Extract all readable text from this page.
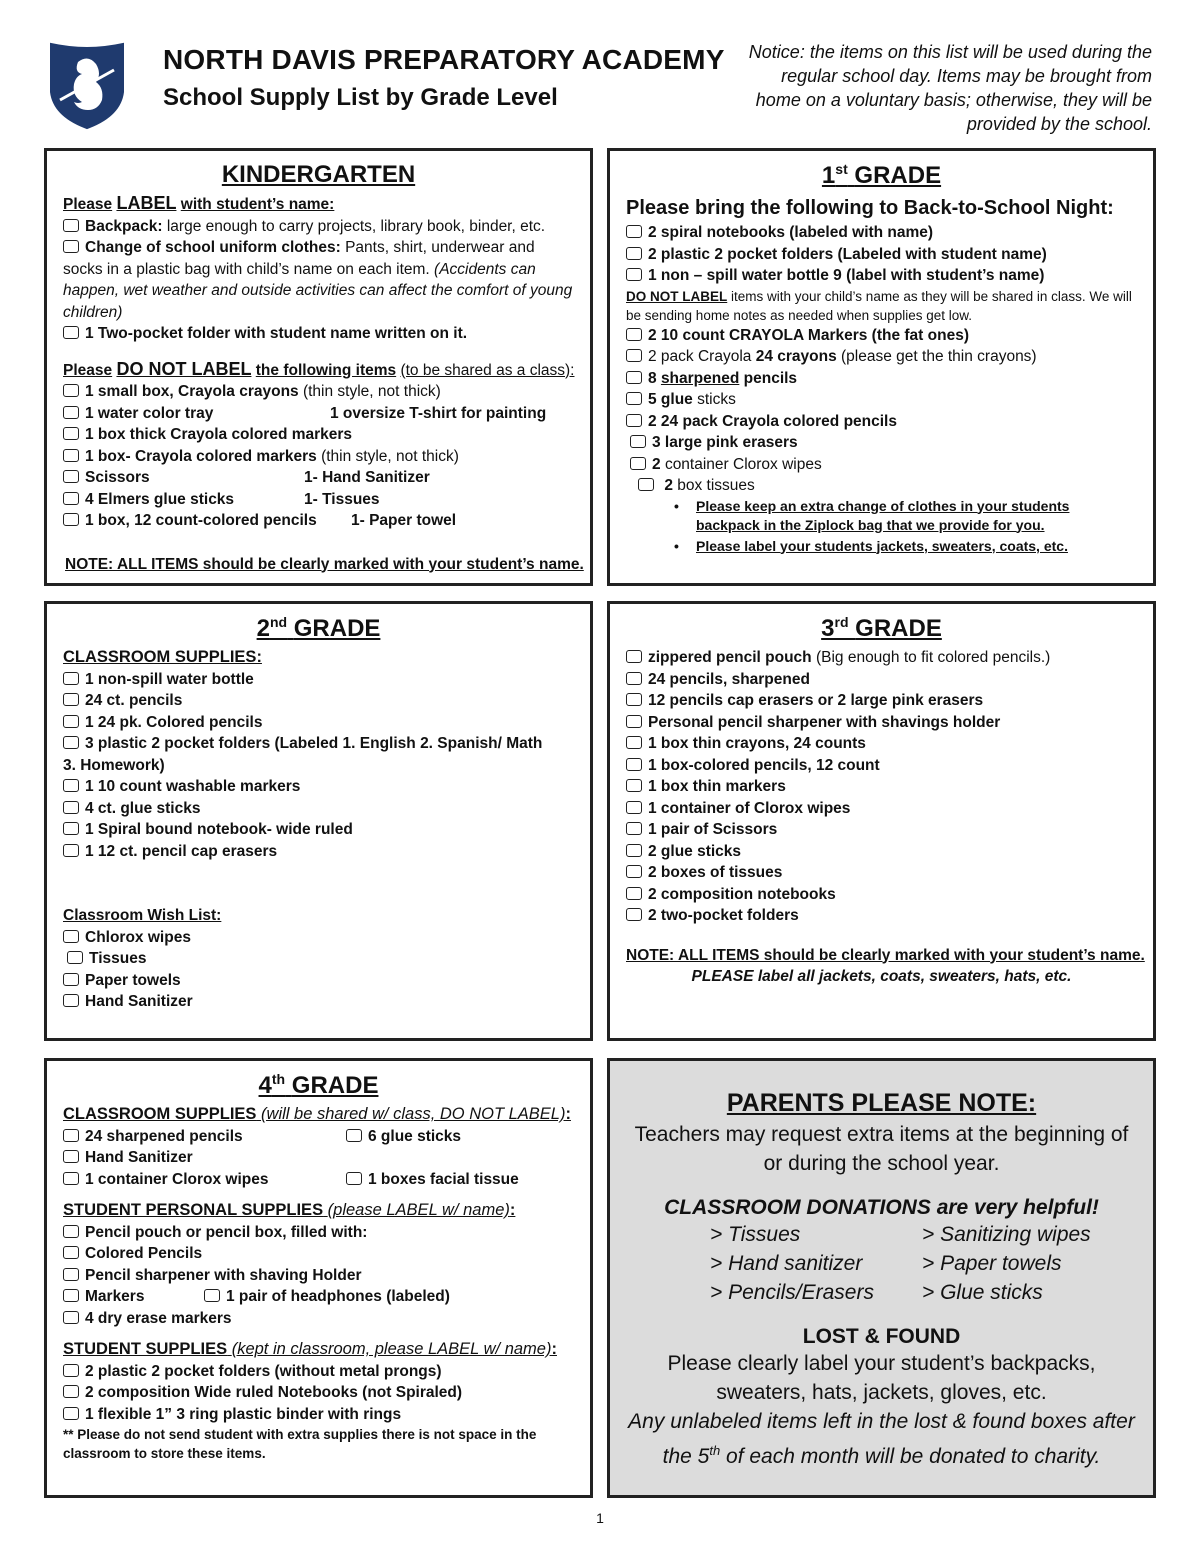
NORTH DAVIS PREPARATORY ACADEMY
School Supply List by Grade Level
Notice: the items on this list will be used during the regular school day. Items may be brought from home on a voluntary basis; otherwise, they will be provided by the school.
KINDERGARTEN
Please LABEL with student’s name:
Backpack: large enough to carry projects, library book, binder, etc.
Change of school uniform clothes: Pants, shirt, underwear and socks in a plastic bag with child’s name on each item. (Accidents can happen, wet weather and outside activities can affect the comfort of young children)
1 Two-pocket folder with student name written on it.
Please DO NOT LABEL the following items (to be shared as a class):
1 small box, Crayola crayons (thin style, not thick)
1 water color tray	1 oversize T-shirt for painting
1 box thick Crayola colored markers
1 box- Crayola colored markers (thin style, not thick)
Scissors	1- Hand Sanitizer
4 Elmers glue sticks	1- Tissues
1 box, 12 count-colored pencils 1- Paper towel
NOTE: ALL ITEMS should be clearly marked with your student’s name.
1st GRADE
Please bring the following to Back-to-School Night:
2 spiral notebooks (labeled with name)
2 plastic 2 pocket folders (Labeled with student name)
1 non – spill water bottle 9 (label with student’s name)
DO NOT LABEL items with your child’s name as they will be shared in class. We will be sending home notes as needed when supplies get low.
2 10 count CRAYOLA Markers (the fat ones)
2 pack Crayola 24 crayons (please get the thin crayons)
8 sharpened pencils
5 glue sticks
2 24 pack Crayola colored pencils
3 large pink erasers
2 container Clorox wipes
2 box tissues
• Please keep an extra change of clothes in your students backpack in the Ziplock bag that we provide for you.
• Please label your students jackets, sweaters, coats, etc.
2nd GRADE
CLASSROOM SUPPLIES:
1 non-spill water bottle
24 ct. pencils
1 24 pk. Colored pencils
3 plastic 2 pocket folders (Labeled 1. English 2. Spanish/ Math 3. Homework)
1 10 count washable markers
4 ct. glue sticks
1 Spiral bound notebook- wide ruled
1 12 ct. pencil cap erasers
Classroom Wish List:
Chlorox wipes
Tissues
Paper towels
Hand Sanitizer
3rd GRADE
zippered pencil pouch (Big enough to fit colored pencils.)
24 pencils, sharpened
12 pencils cap erasers or 2 large pink erasers
Personal pencil sharpener with shavings holder
1 box thin crayons, 24 counts
1 box-colored pencils, 12 count
1 box thin markers
1 container of Clorox wipes
1 pair of Scissors
2 glue sticks
2 boxes of tissues
2 composition notebooks
2 two-pocket folders
NOTE: ALL ITEMS should be clearly marked with your student’s name.
PLEASE label all jackets, coats, sweaters, hats, etc.
4th GRADE
CLASSROOM SUPPLIES (will be shared w/ class, DO NOT LABEL):
24 sharpened pencils	6 glue sticks
Hand Sanitizer
1 container Clorox wipes	1 boxes facial tissue
STUDENT PERSONAL SUPPLIES (please LABEL w/ name):
Pencil pouch or pencil box, filled with:
Colored Pencils
Pencil sharpener with shaving Holder
Markers	1 pair of headphones (labeled)
4 dry erase markers
STUDENT SUPPLIES (kept in classroom, please LABEL w/ name):
2 plastic 2 pocket folders (without metal prongs)
2 composition Wide ruled Notebooks (not Spiraled)
1 flexible 1” 3 ring plastic binder with rings
** Please do not send student with extra supplies there is not space in the classroom to store these items.
PARENTS PLEASE NOTE:
Teachers may request extra items at the beginning of or during the school year.
CLASSROOM DONATIONS are very helpful!
> Tissues	> Sanitizing wipes
> Hand sanitizer	> Paper towels
> Pencils/Erasers	> Glue sticks
LOST & FOUND
Please clearly label your student’s backpacks, sweaters, hats, jackets, gloves, etc.
Any unlabeled items left in the lost & found boxes after the 5th of each month will be donated to charity.
1
